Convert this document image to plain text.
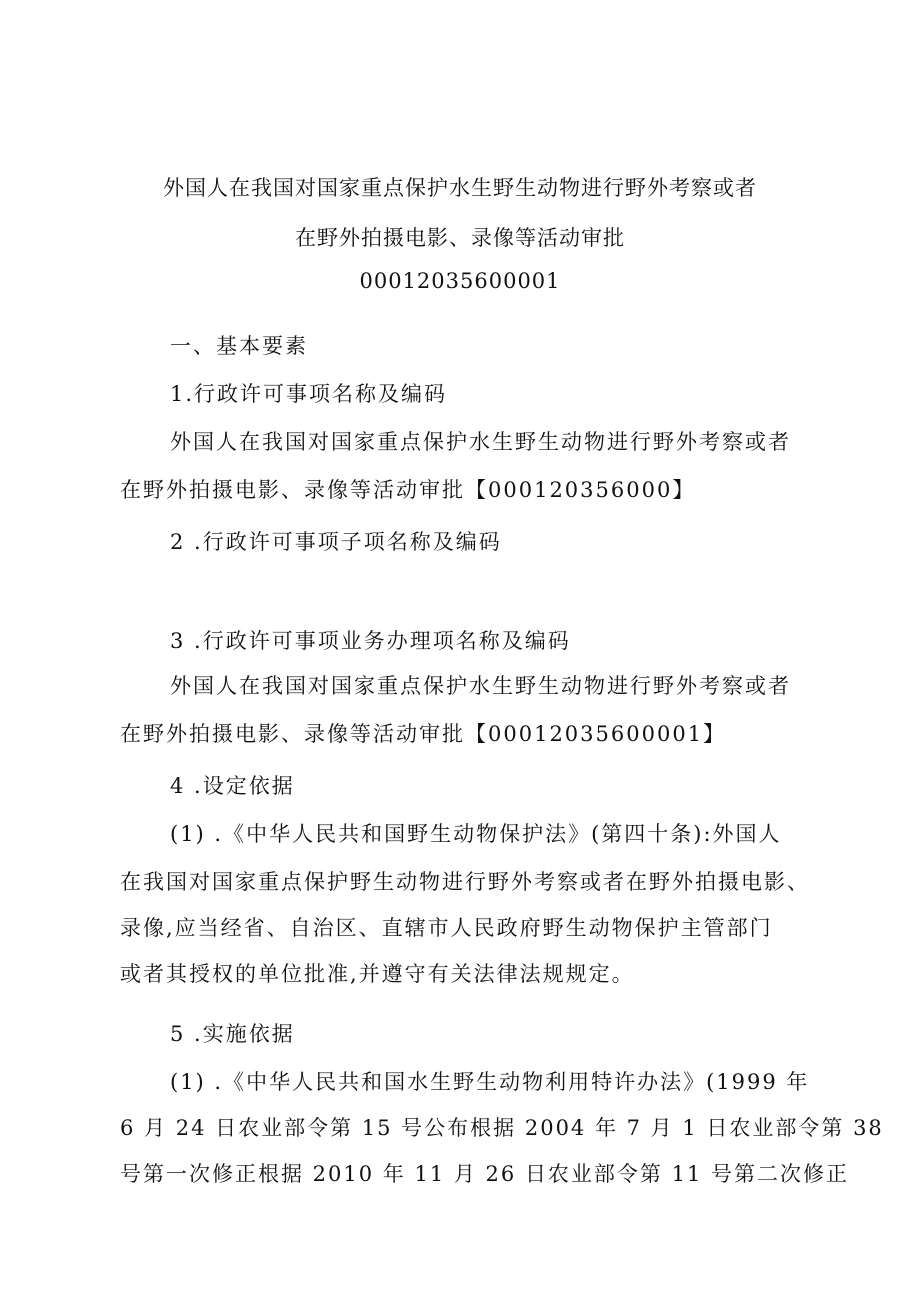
外国人在我国对国家重点保护水生野生动物进行野外考察或者
在野外拍摄电影、录像等活动审批
00012035600001
一、基本要素
1.行政许可事项名称及编码
外国人在我国对国家重点保护水生野生动物进行野外考察或者
在野外拍摄电影、录像等活动审批【000120356000】
2 .行政许可事项子项名称及编码
3 .行政许可事项业务办理项名称及编码
外国人在我国对国家重点保护水生野生动物进行野外考察或者
在野外拍摄电影、录像等活动审批【00012035600001】
4 .设定依据
(1) .《中华人民共和国野生动物保护法》(第四十条):外国人
在我国对国家重点保护野生动物进行野外考察或者在野外拍摄电影、
录像,应当经省、自治区、直辖市人民政府野生动物保护主管部门
或者其授权的单位批准,并遵守有关法律法规规定。
5 .实施依据
(1) .《中华人民共和国水生野生动物利用特许办法》(1999 年
6 月 24 日农业部令第 15 号公布根据 2004 年 7 月 1 日农业部令第 38
号第一次修正根据 2010 年 11 月 26 日农业部令第 11 号第二次修正
